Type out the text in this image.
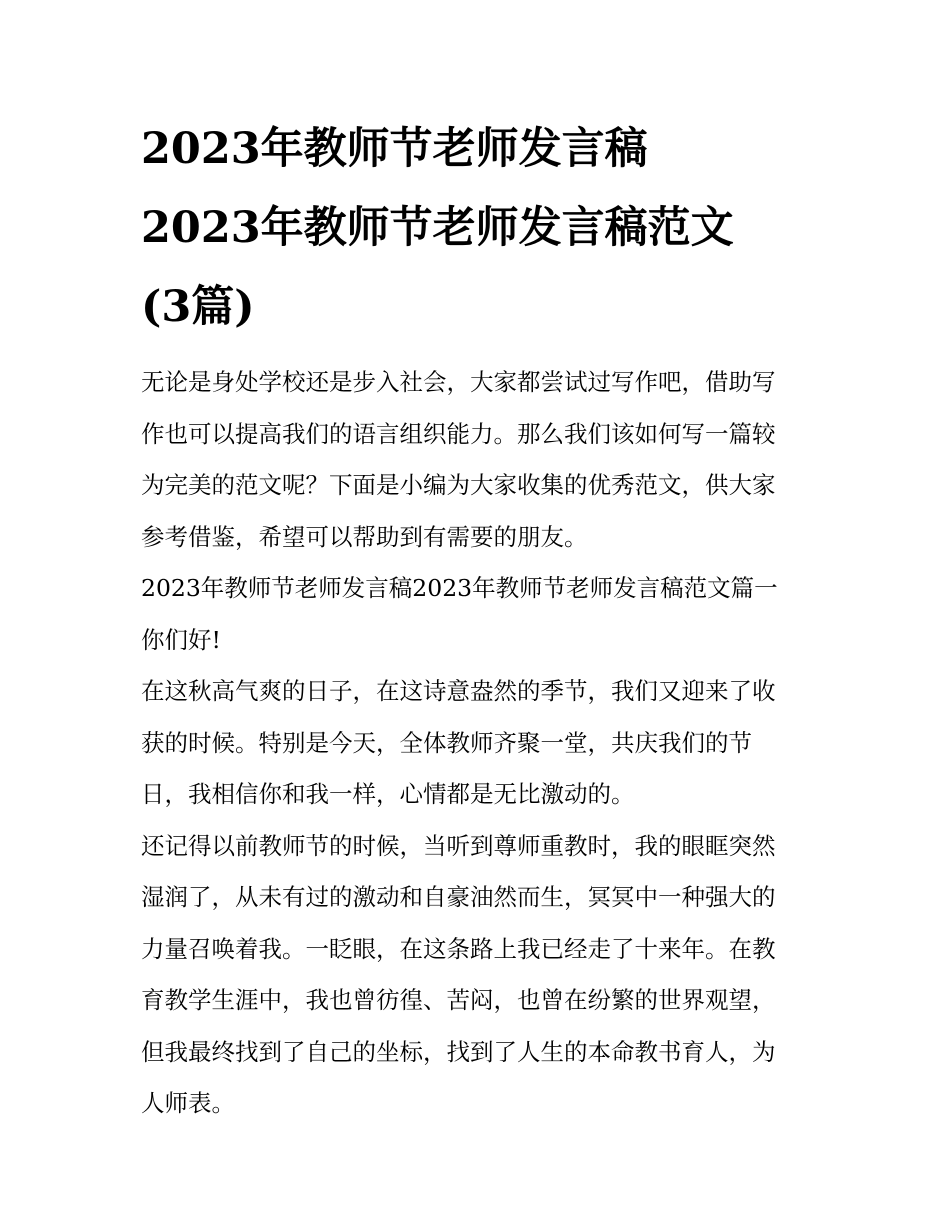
2023年教师节老师发言稿
2023年教师节老师发言稿范文
(3篇)

无论是身处学校还是步入社会，大家都尝试过写作吧，借助写
作也可以提高我们的语言组织能力。那么我们该如何写一篇较
为完美的范文呢？下面是小编为大家收集的优秀范文，供大家
参考借鉴，希望可以帮助到有需要的朋友。

2023年教师节老师发言稿2023年教师节老师发言稿范文篇一

你们好!

在这秋高气爽的日子，在这诗意盎然的季节，我们又迎来了收
获的时候。特别是今天，全体教师齐聚一堂，共庆我们的节
日，我相信你和我一样，心情都是无比激动的。

还记得以前教师节的时候，当听到尊师重教时，我的眼眶突然
湿润了，从未有过的激动和自豪油然而生，冥冥中一种强大的
力量召唤着我。一眨眼，在这条路上我已经走了十来年。在教
育教学生涯中，我也曾彷徨、苦闷，也曾在纷繁的世界观望，
但我最终找到了自己的坐标，找到了人生的本命教书育人，为
人师表。
